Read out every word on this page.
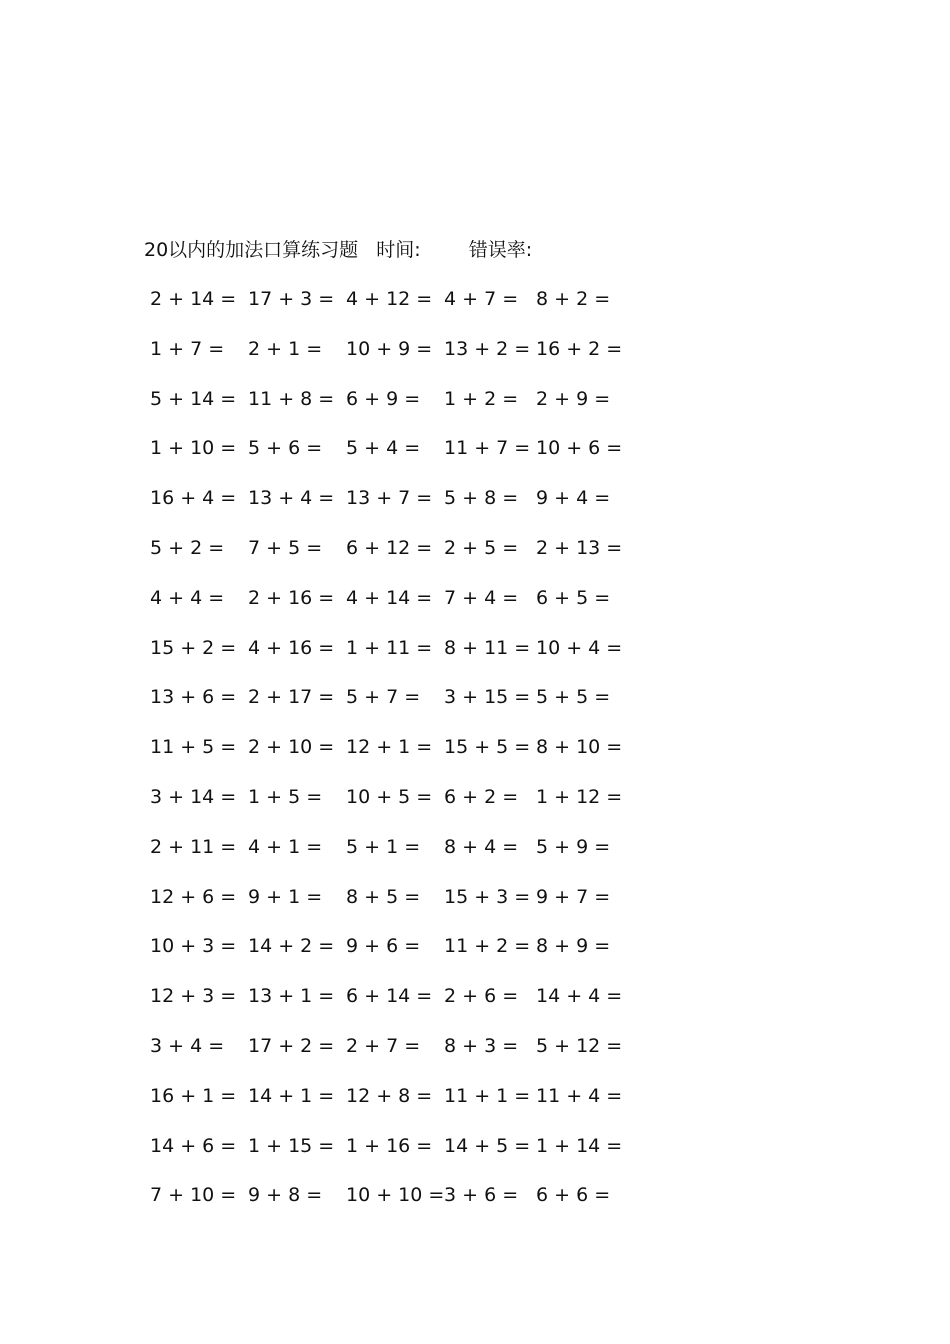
20以内的加法口算练习题 时间:	错误率:
2 + 14 = 17 + 3 = 4 + 12 = 4 + 7 = 8 + 2 =
1 + 7 = 2 + 1 = 10 + 9 = 13 + 2 = 16 + 2 =
5 + 14 = 11 + 8 = 6 + 9 = 1 + 2 = 2 + 9 =
1 + 10 = 5 + 6 = 5 + 4 = 11 + 7 = 10 + 6 =
16 + 4 = 13 + 4 = 13 + 7 = 5 + 8 = 9 + 4 =
5 + 2 = 7 + 5 = 6 + 12 = 2 + 5 = 2 + 13 =
4 + 4 = 2 + 16 = 4 + 14 = 7 + 4 = 6 + 5 =
15 + 2 = 4 + 16 = 1 + 11 = 8 + 11 = 10 + 4 =
13 + 6 = 2 + 17 = 5 + 7 = 3 + 15 = 5 + 5 =
11 + 5 = 2 + 10 = 12 + 1 = 15 + 5 = 8 + 10 =
3 + 14 = 1 + 5 = 10 + 5 = 6 + 2 = 1 + 12 =
2 + 11 = 4 + 1 = 5 + 1 = 8 + 4 = 5 + 9 =
12 + 6 = 9 + 1 = 8 + 5 = 15 + 3 = 9 + 7 =
10 + 3 = 14 + 2 = 9 + 6 = 11 + 2 = 8 + 9 =
12 + 3 = 13 + 1 = 6 + 14 = 2 + 6 = 14 + 4 =
3 + 4 = 17 + 2 = 2 + 7 = 8 + 3 = 5 + 12 =
16 + 1 = 14 + 1 = 12 + 8 = 11 + 1 = 11 + 4 =
14 + 6 = 1 + 15 = 1 + 16 = 14 + 5 = 1 + 14 =
7 + 10 = 9 + 8 = 10 + 10 = 3 + 6 = 6 + 6 =
